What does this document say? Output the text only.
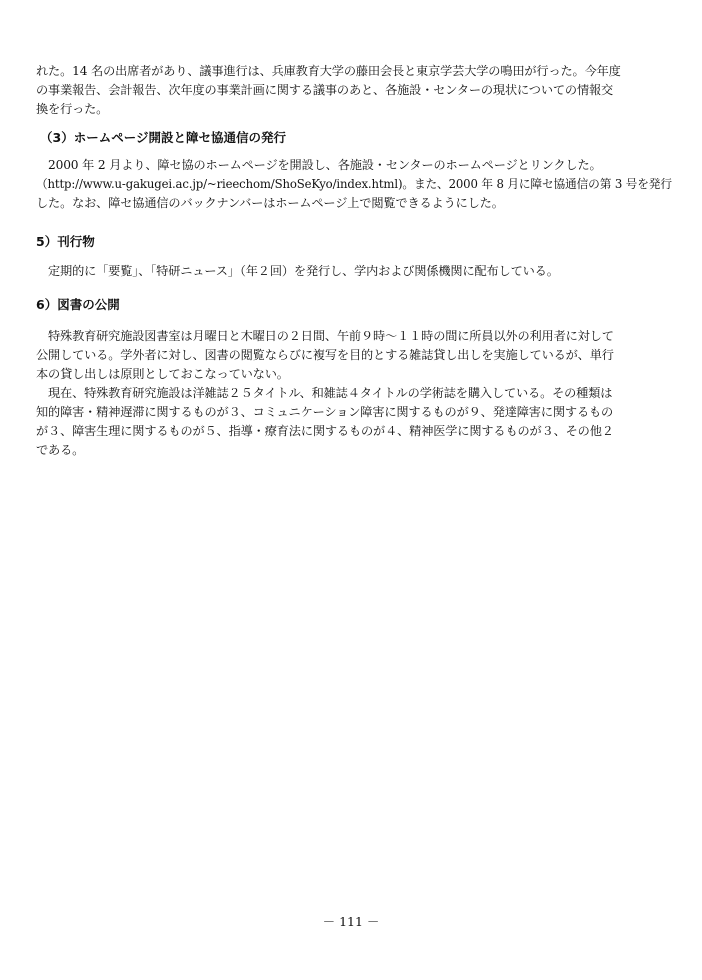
れた。14 名の出席者があり、議事進行は、兵庫教育大学の藤田会長と東京学芸大学の鳴田が行った。今年度

の事業報告、会計報告、次年度の事業計画に関する議事のあと、各施設・センターの現状についての情報交

換を行った。

（3）ホームページ開設と障セ協通信の発行

2000 年 2 月より、障セ協のホームページを開設し、各施設・センターのホームページとリンクした。

（http://www.u-gakugei.ac.jp/~rieechom/ShoSeKyo/index.html)。また、2000 年 8 月に障セ協通信の第 3 号を発行

した。なお、障セ協通信のバックナンバーはホームページ上で閲覧できるようにした。

5）刊行物

定期的に「要覧」、「特研ニュース」（年２回）を発行し、学内および関係機関に配布している。

6）図書の公開

特殊教育研究施設図書室は月曜日と木曜日の２日間、午前９時～１１時の間に所員以外の利用者に対して

公開している。学外者に対し、図書の閲覧ならびに複写を目的とする雑誌貸し出しを実施しているが、単行

本の貸し出しは原則としておこなっていない。

現在、特殊教育研究施設は洋雑誌２５タイトル、和雑誌４タイトルの学術誌を購入している。その種類は

知的障害・精神遅滞に関するものが３、コミュニケーション障害に関するものが９、発達障害に関するもの

が３、障害生理に関するものが５、指導・療育法に関するものが４、精神医学に関するものが３、その他２

である。

－ 111 －
